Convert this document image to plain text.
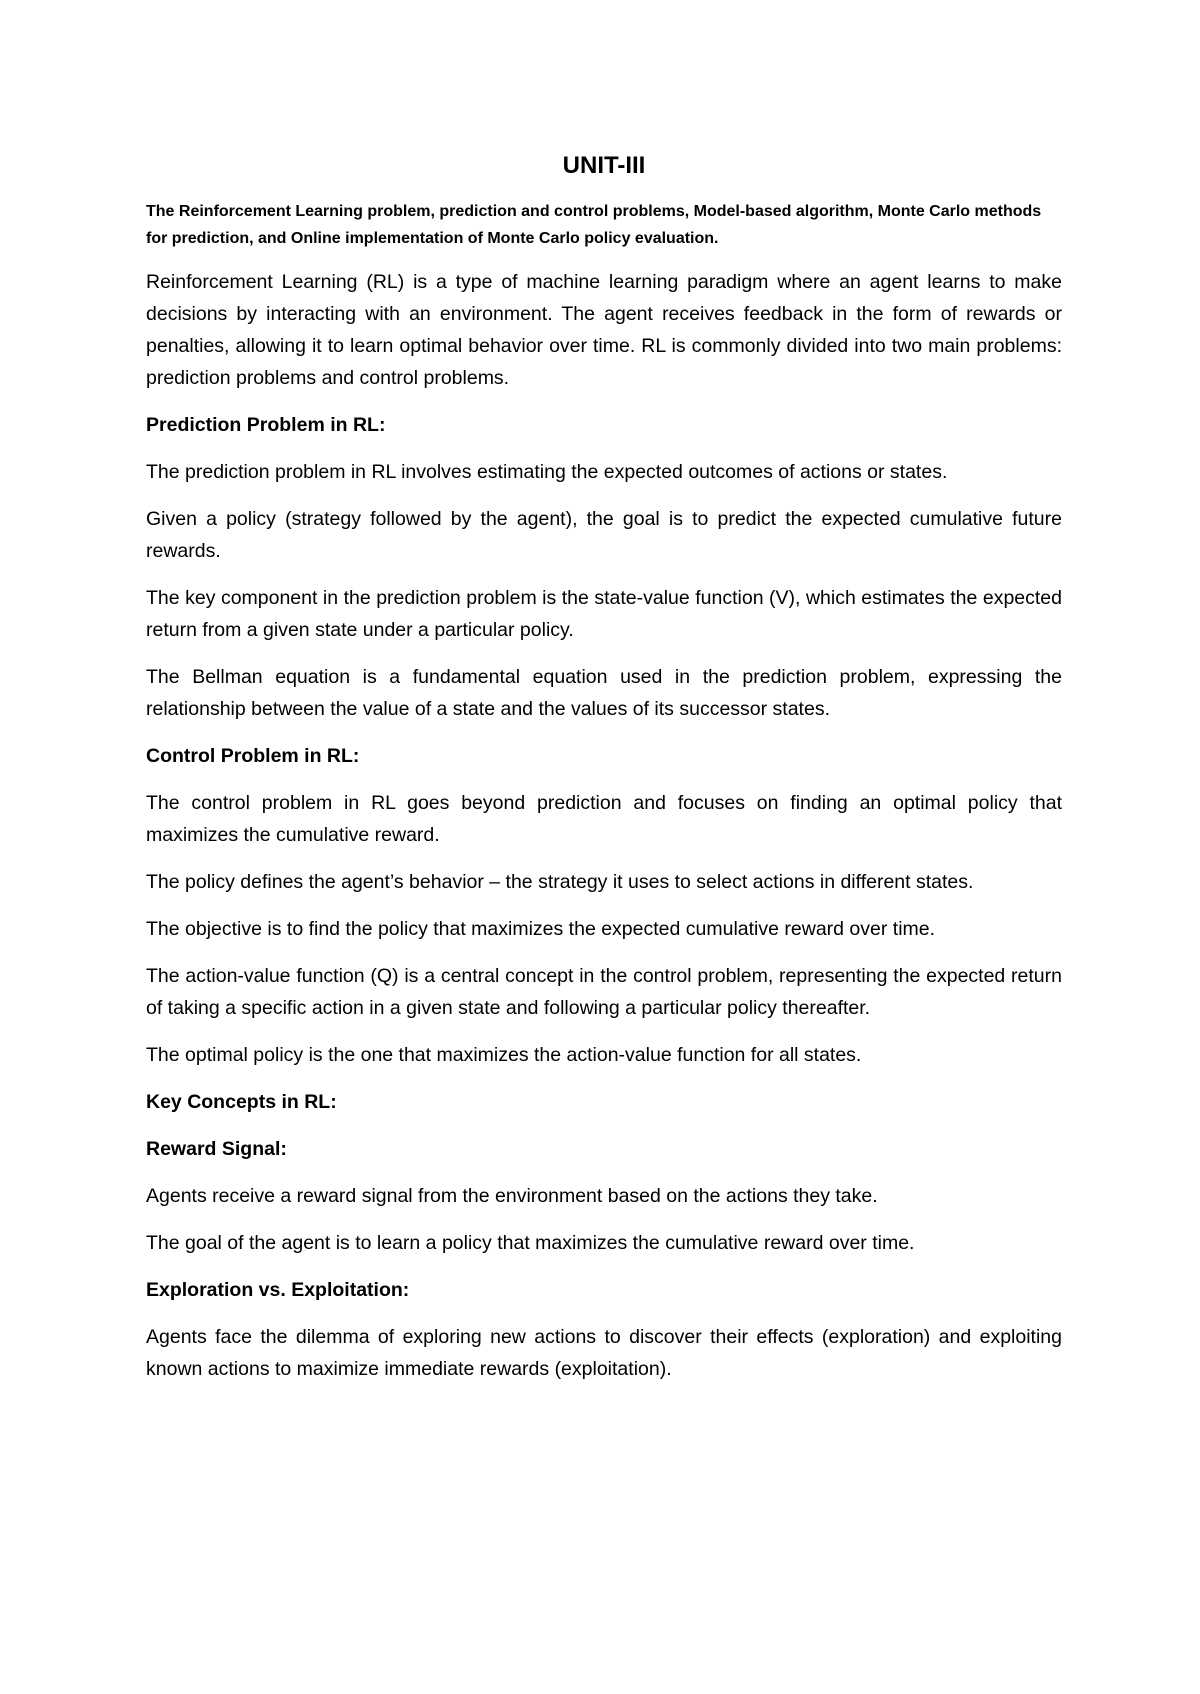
UNIT-III
The Reinforcement Learning problem, prediction and control problems, Model-based algorithm, Monte Carlo methods for prediction, and Online implementation of Monte Carlo policy evaluation.
Reinforcement Learning (RL) is a type of machine learning paradigm where an agent learns to make decisions by interacting with an environment. The agent receives feedback in the form of rewards or penalties, allowing it to learn optimal behavior over time. RL is commonly divided into two main problems: prediction problems and control problems.
Prediction Problem in RL:
The prediction problem in RL involves estimating the expected outcomes of actions or states.
Given a policy (strategy followed by the agent), the goal is to predict the expected cumulative future rewards.
The key component in the prediction problem is the state-value function (V), which estimates the expected return from a given state under a particular policy.
The Bellman equation is a fundamental equation used in the prediction problem, expressing the relationship between the value of a state and the values of its successor states.
Control Problem in RL:
The control problem in RL goes beyond prediction and focuses on finding an optimal policy that maximizes the cumulative reward.
The policy defines the agent’s behavior – the strategy it uses to select actions in different states.
The objective is to find the policy that maximizes the expected cumulative reward over time.
The action-value function (Q) is a central concept in the control problem, representing the expected return of taking a specific action in a given state and following a particular policy thereafter.
The optimal policy is the one that maximizes the action-value function for all states.
Key Concepts in RL:
Reward Signal:
Agents receive a reward signal from the environment based on the actions they take.
The goal of the agent is to learn a policy that maximizes the cumulative reward over time.
Exploration vs. Exploitation:
Agents face the dilemma of exploring new actions to discover their effects (exploration) and exploiting known actions to maximize immediate rewards (exploitation).
